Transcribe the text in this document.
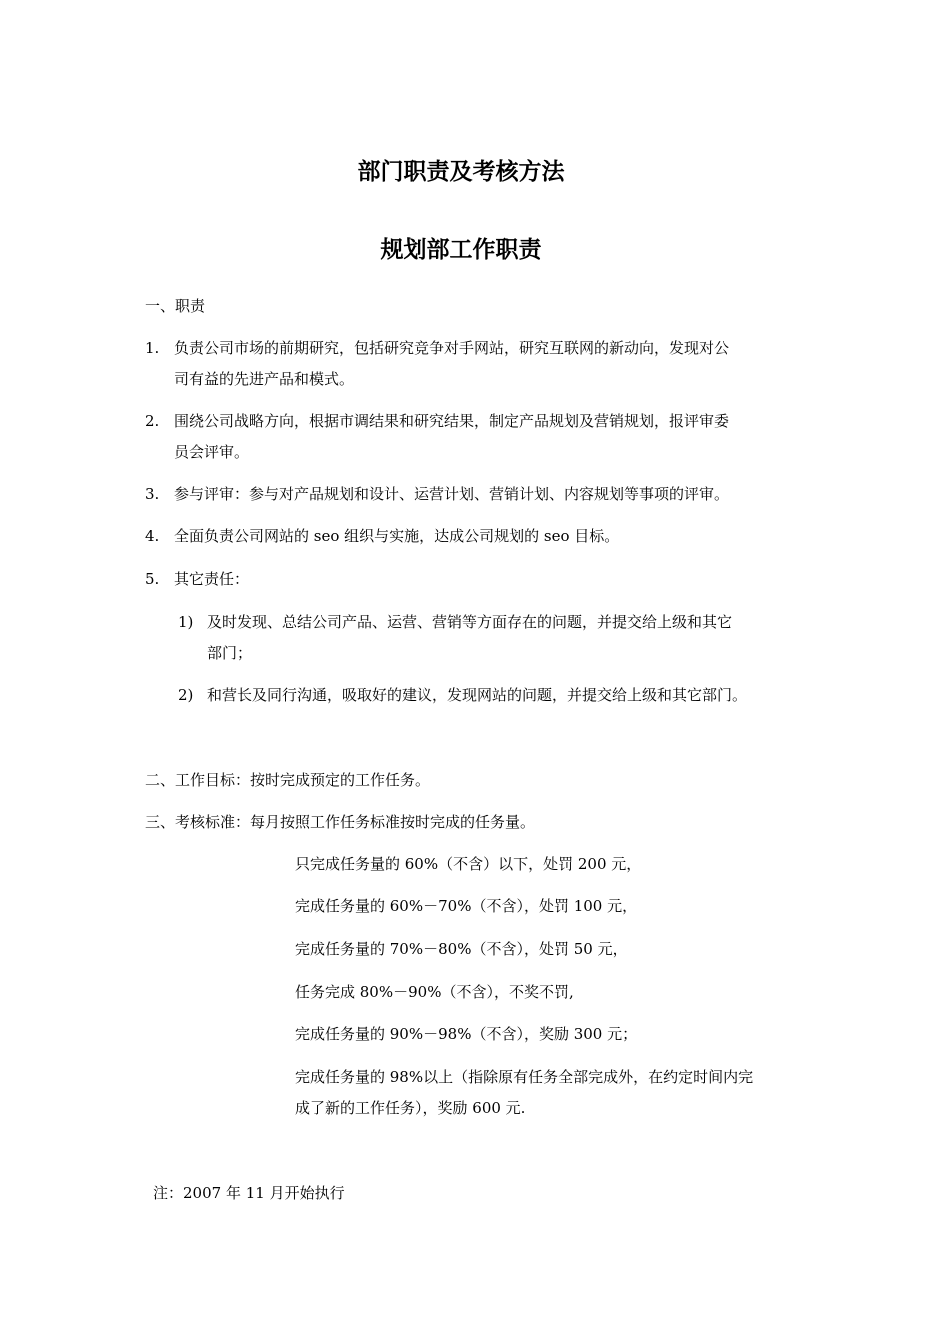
部门职责及考核方法
规划部工作职责
一、职责
1. 负责公司市场的前期研究，包括研究竞争对手网站，研究互联网的新动向，发现对公
司有益的先进产品和模式。
2. 围绕公司战略方向，根据市调结果和研究结果，制定产品规划及营销规划，报评审委
员会评审。
3. 参与评审：参与对产品规划和设计、运营计划、营销计划、内容规划等事项的评审。
4. 全面负责公司网站的 seo 组织与实施，达成公司规划的 seo 目标。
5. 其它责任：
1) 及时发现、总结公司产品、运营、营销等方面存在的问题，并提交给上级和其它
部门；
2) 和营长及同行沟通，吸取好的建议，发现网站的问题，并提交给上级和其它部门。
二、工作目标：按时完成预定的工作任务。
三、考核标准：每月按照工作任务标准按时完成的任务量。
只完成任务量的 60%（不含）以下，处罚 200 元，
完成任务量的 60%－70%（不含），处罚 100 元，
完成任务量的 70%－80%（不含），处罚 50 元，
任务完成 80%－90%（不含），不奖不罚,
完成任务量的 90%－98%（不含），奖励 300 元；
完成任务量的 98%以上（指除原有任务全部完成外，在约定时间内完
成了新的工作任务），奖励 600 元.
注：2007 年 11 月开始执行
